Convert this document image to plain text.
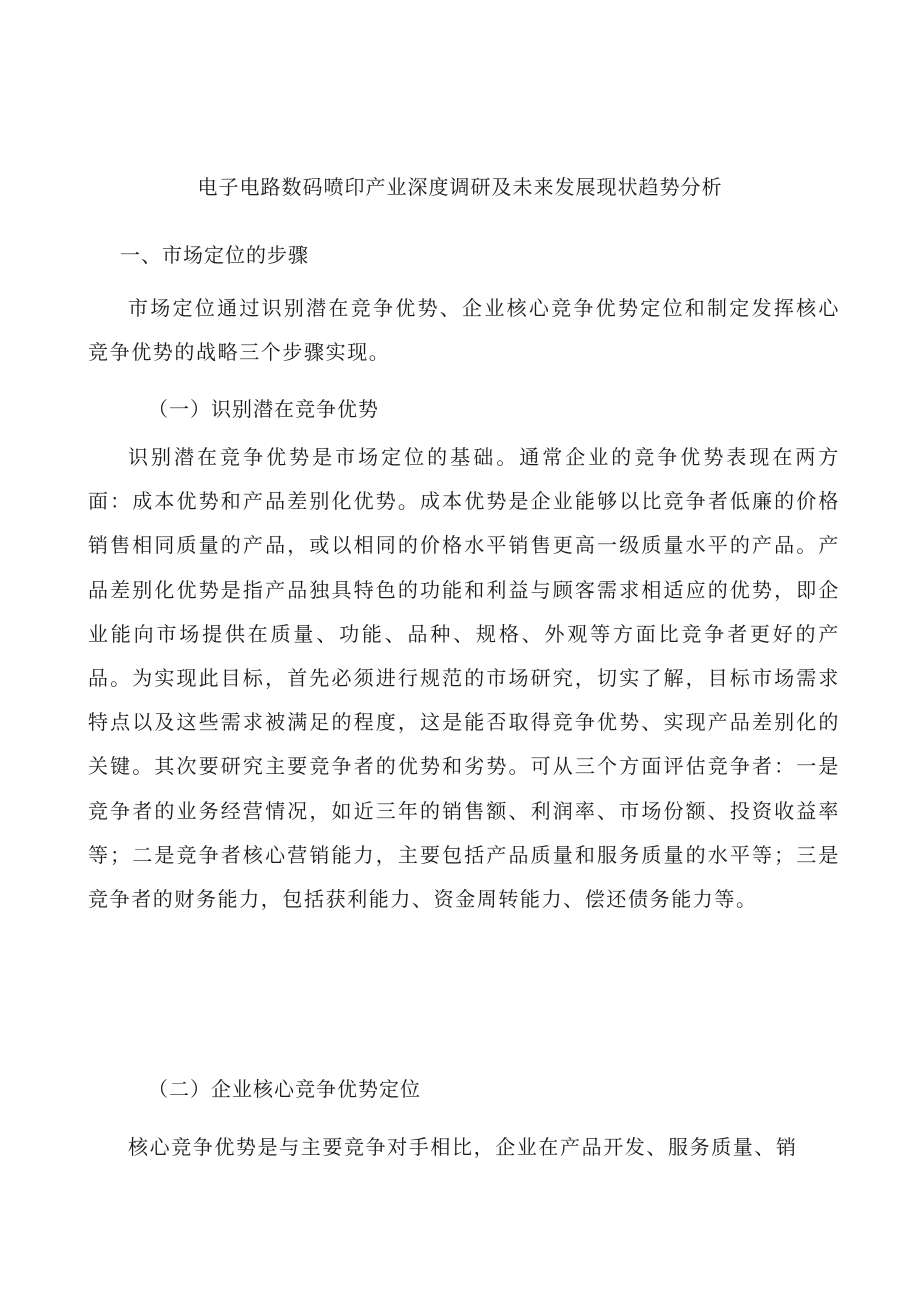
电子电路数码喷印产业深度调研及未来发展现状趋势分析
一、市场定位的步骤

市场定位通过识别潜在竞争优势、企业核心竞争优势定位和制定发挥核心竞争优势的战略三个步骤实现。

（一）识别潜在竞争优势

识别潜在竞争优势是市场定位的基础。通常企业的竞争优势表现在两方面：成本优势和产品差别化优势。成本优势是企业能够以比竞争者低廉的价格销售相同质量的产品，或以相同的价格水平销售更高一级质量水平的产品。产品差别化优势是指产品独具特色的功能和利益与顾客需求相适应的优势，即企业能向市场提供在质量、功能、品种、规格、外观等方面比竞争者更好的产品。为实现此目标，首先必须进行规范的市场研究，切实了解，目标市场需求特点以及这些需求被满足的程度，这是能否取得竞争优势、实现产品差别化的关键。其次要研究主要竞争者的优势和劣势。可从三个方面评估竞争者：一是竞争者的业务经营情况，如近三年的销售额、利润率、市场份额、投资收益率等；二是竞争者核心营销能力，主要包括产品质量和服务质量的水平等；三是竞争者的财务能力，包括获利能力、资金周转能力、偿还债务能力等。

（二）企业核心竞争优势定位

核心竞争优势是与主要竞争对手相比，企业在产品开发、服务质量、销
